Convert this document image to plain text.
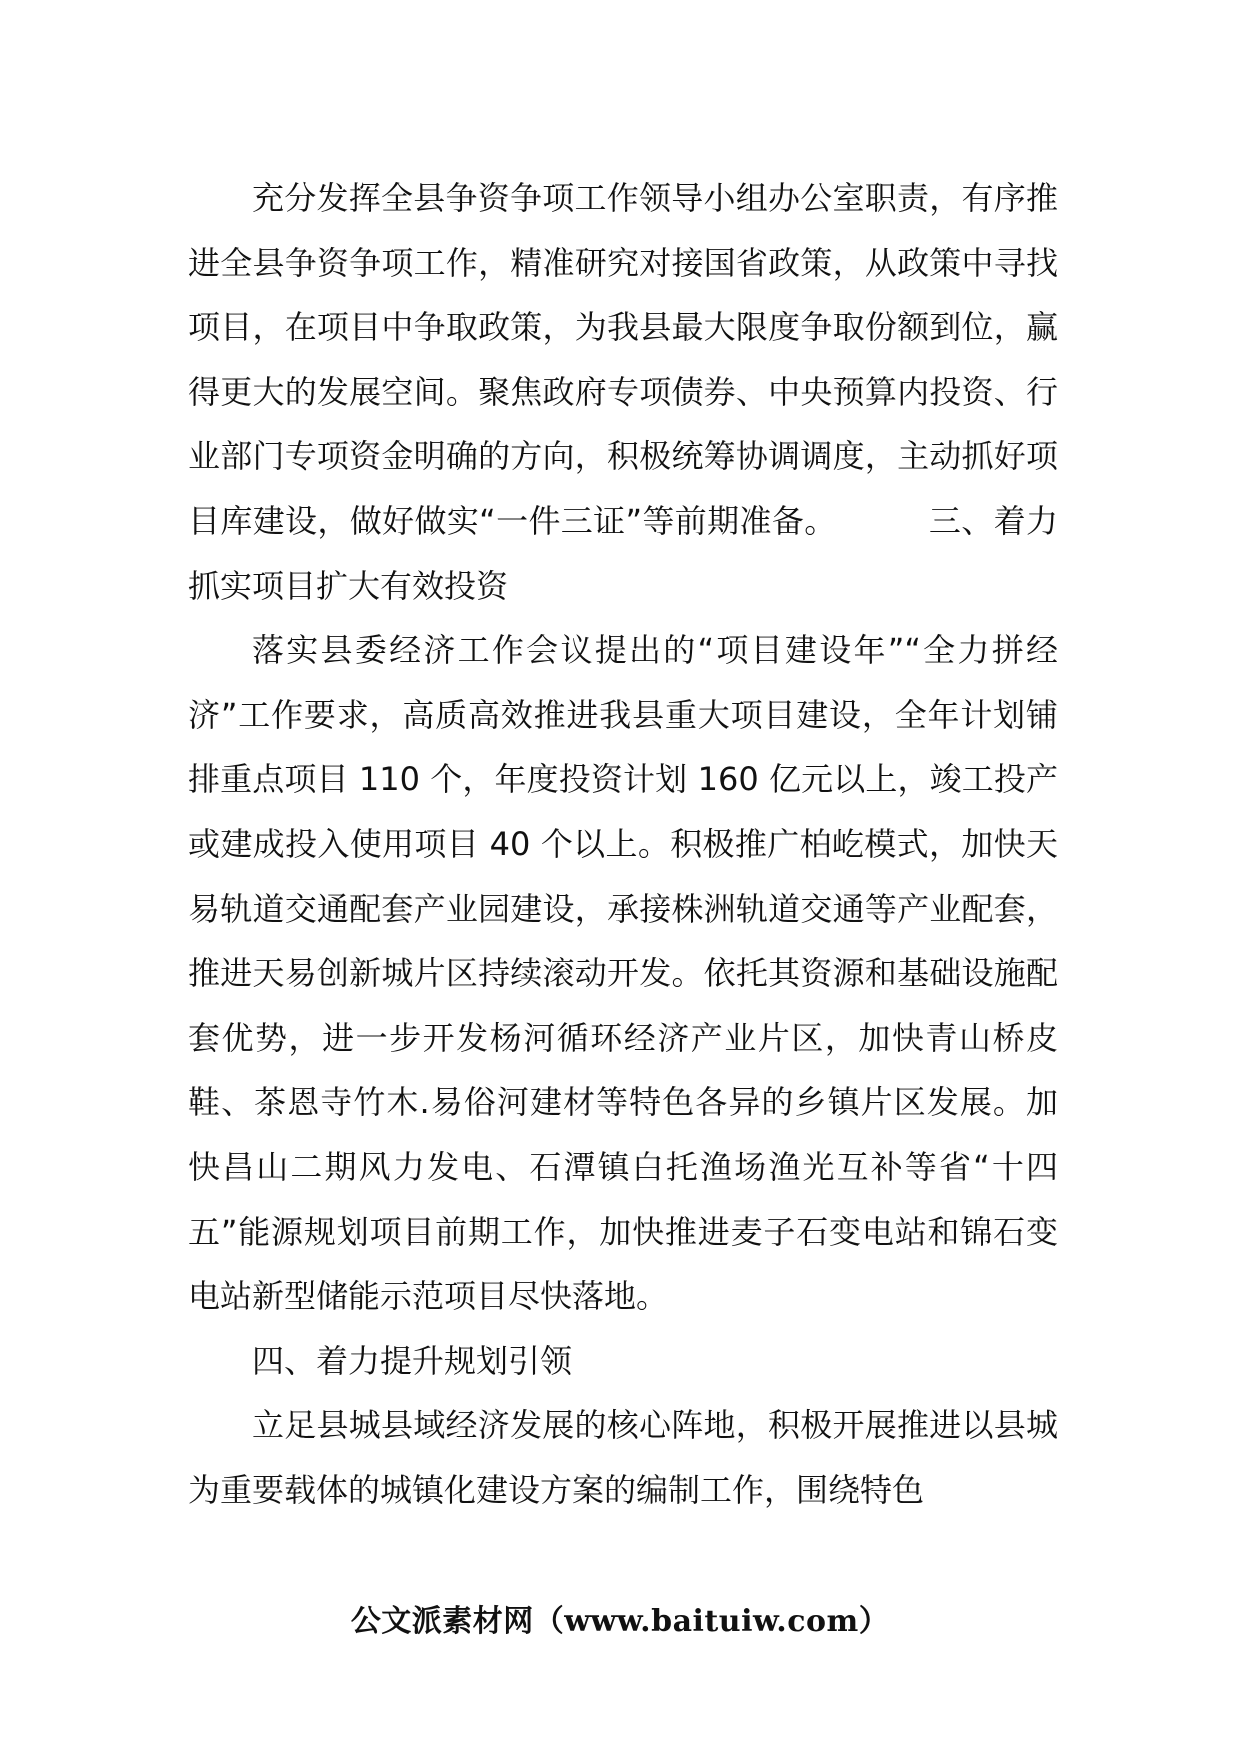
充分发挥全县争资争项工作领导小组办公室职责，有序推进全县争资争项工作，精准研究对接国省政策，从政策中寻找项目，在项目中争取政策，为我县最大限度争取份额到位，赢得更大的发展空间。聚焦政府专项债券、中央预算内投资、行业部门专项资金明确的方向，积极统筹协调调度，主动抓好项目库建设，做好做实“一件三证”等前期准备。	三、着力抓实项目扩大有效投资

落实县委经济工作会议提出的“项目建设年”“全力拼经济”工作要求，高质高效推进我县重大项目建设，全年计划铺排重点项目 110 个，年度投资计划 160 亿元以上，竣工投产或建成投入使用项目 40 个以上。积极推广柏屹模式，加快天易轨道交通配套产业园建设，承接株洲轨道交通等产业配套，推进天易创新城片区持续滚动开发。依托其资源和基础设施配套优势，进一步开发杨河循环经济产业片区，加快青山桥皮鞋、茶恩寺竹木.易俗河建材等特色各异的乡镇片区发展。加快昌山二期风力发电、石潭镇白托渔场渔光互补等省“十四五”能源规划项目前期工作，加快推进麦子石变电站和锦石变电站新型储能示范项目尽快落地。

四、着力提升规划引领

立足县城县域经济发展的核心阵地，积极开展推进以县城为重要载体的城镇化建设方案的编制工作，围绕特色

公文派素材网（www.baituiw.com）
